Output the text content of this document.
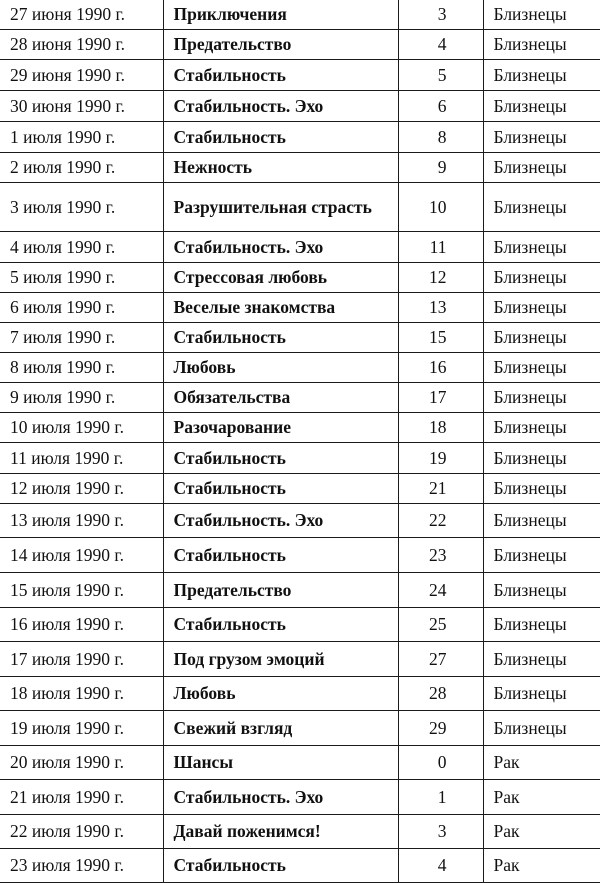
27 июня 1990 г.	Приключения	3	Близнецы
28 июня 1990 г.	Предательство	4	Близнецы
29 июня 1990 г.	Стабильность	5	Близнецы
30 июня 1990 г.	Стабильность. Эхо	6	Близнецы
1 июля 1990 г.	Стабильность	8	Близнецы
2 июля 1990 г.	Нежность	9	Близнецы
3 июля 1990 г.	Разрушительная страсть	10	Близнецы
4 июля 1990 г.	Стабильность. Эхо	11	Близнецы
5 июля 1990 г.	Стрессовая любовь	12	Близнецы
6 июля 1990 г.	Веселые знакомства	13	Близнецы
7 июля 1990 г.	Стабильность	15	Близнецы
8 июля 1990 г.	Любовь	16	Близнецы
9 июля 1990 г.	Обязательства	17	Близнецы
10 июля 1990 г.	Разочарование	18	Близнецы
11 июля 1990 г.	Стабильность	19	Близнецы
12 июля 1990 г.	Стабильность	21	Близнецы
13 июля 1990 г.	Стабильность. Эхо	22	Близнецы
14 июля 1990 г.	Стабильность	23	Близнецы
15 июля 1990 г.	Предательство	24	Близнецы
16 июля 1990 г.	Стабильность	25	Близнецы
17 июля 1990 г.	Под грузом эмоций	27	Близнецы
18 июля 1990 г.	Любовь	28	Близнецы
19 июля 1990 г.	Свежий взгляд	29	Близнецы
20 июля 1990 г.	Шансы	0	Рак
21 июля 1990 г.	Стабильность. Эхо	1	Рак
22 июля 1990 г.	Давай поженимся!	3	Рак
23 июля 1990 г.	Стабильность	4	Рак
